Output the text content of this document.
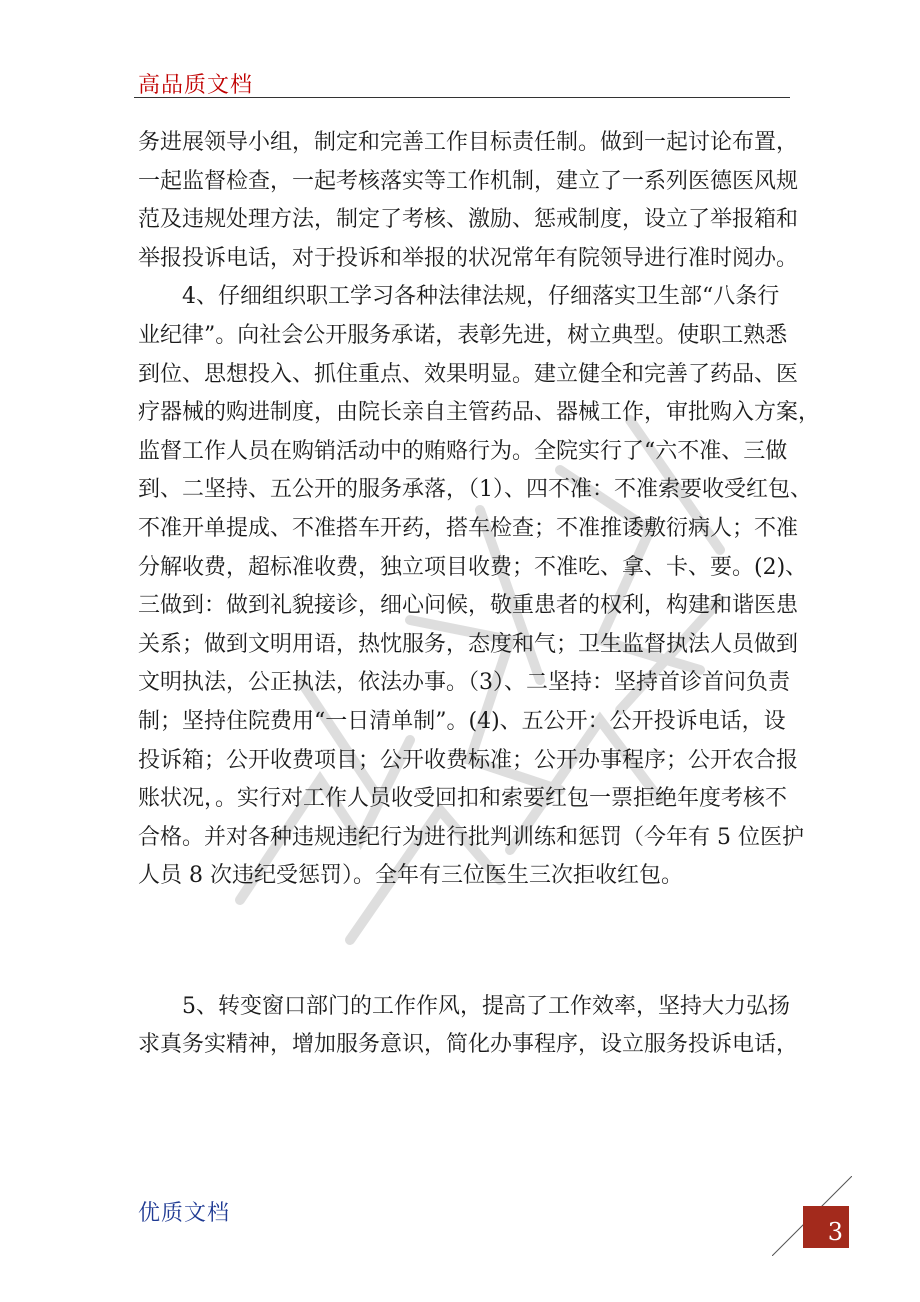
高品质文档

务进展领导小组，制定和完善工作目标责任制。做到一起讨论布置，
一起监督检查，一起考核落实等工作机制，建立了一系列医德医风规
范及违规处理方法，制定了考核、激励、惩戒制度，设立了举报箱和
举报投诉电话，对于投诉和举报的状况常年有院领导进行准时阅办。

　　4、仔细组织职工学习各种法律法规，仔细落实卫生部“八条行
业纪律”。向社会公开服务承诺，表彰先进，树立典型。使职工熟悉
到位、思想投入、抓住重点、效果明显。建立健全和完善了药品、医
疗器械的购进制度，由院长亲自主管药品、器械工作，审批购入方案，
监督工作人员在购销活动中的贿赂行为。全院实行了“六不准、三做
到、二坚持、五公开的服务承落，（1）、四不准：不准索要收受红包、
不准开单提成、不准搭车开药，搭车检查；不准推诿敷衍病人；不准
分解收费，超标准收费，独立项目收费；不准吃、拿、卡、要。(2)、
三做到：做到礼貌接诊，细心问候，敬重患者的权利，构建和谐医患
关系；做到文明用语，热忱服务，态度和气；卫生监督执法人员做到
文明执法，公正执法，依法办事。（3）、二坚持：坚持首诊首问负责
制；坚持住院费用“一日清单制”。(4)、五公开：公开投诉电话，设
投诉箱；公开收费项目；公开收费标准；公开办事程序；公开农合报
账状况，。实行对工作人员收受回扣和索要红包一票拒绝年度考核不
合格。并对各种违规违纪行为进行批判训练和惩罚（今年有 5 位医护
人员 8 次违纪受惩罚）。全年有三位医生三次拒收红包。

　　5、转变窗口部门的工作作风，提高了工作效率，坚持大力弘扬
求真务实精神，增加服务意识，简化办事程序，设立服务投诉电话，

优质文档
3
